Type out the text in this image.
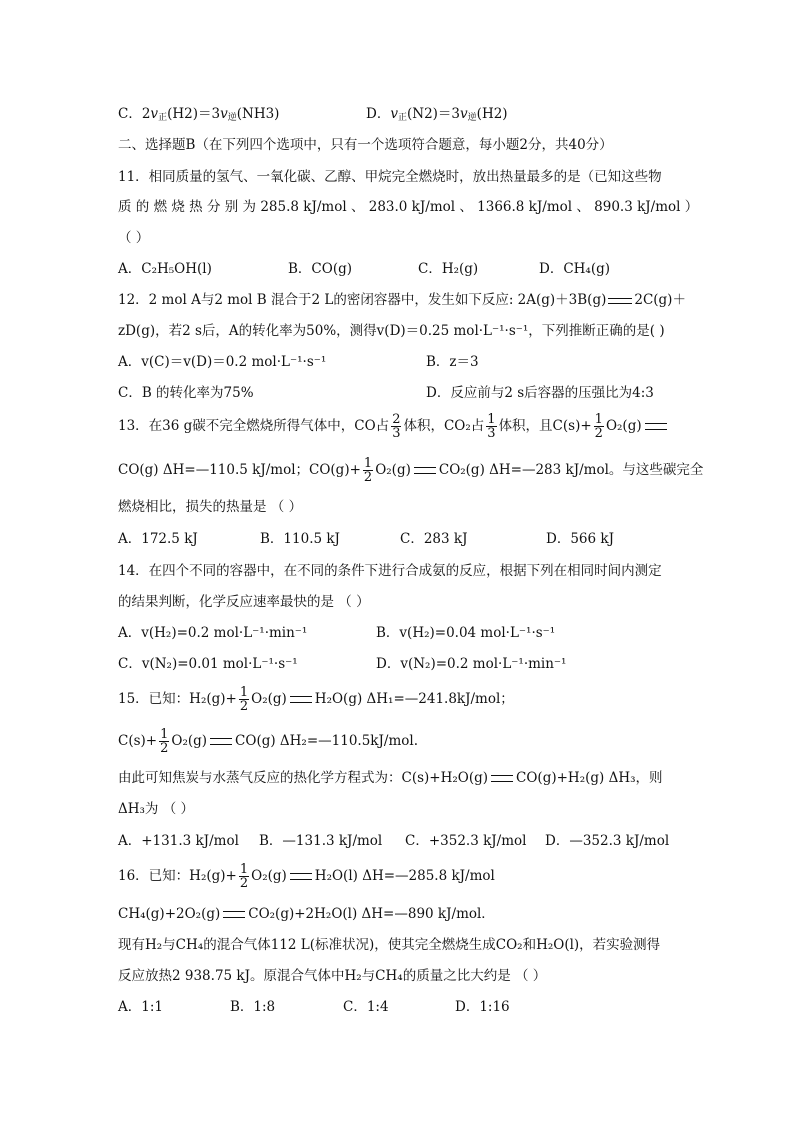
C．$2v_正(H2)=3v_逆(NH3)$	D．$v_正(N2)=3v_逆(H2)$
二、选择题B（在下列四个选项中，只有一个选项符合题意，每小题2分，共40分）
11．相同质量的氢气、一氧化碳、乙醇、甲烷完全燃烧时，放出热量最多的是（已知这些物
质 的 燃 烧 热 分 别 为 285.8 kJ/mol 、 283.0 kJ/mol 、 1366.8 kJ/mol 、 890.3 kJ/mol ）
（ ）
A．C₂H₅OH(l)	B．CO(g)	C．H₂(g)	D．CH₄(g)
12．2 mol A与2 mol B 混合于2 L的密闭容器中，发生如下反应: 2A(g)＋3B(g) 2C(g)＋
zD(g)，若2 s后，A的转化率为50%，测得v(D)＝0.25 mol·L⁻¹·s⁻¹，下列推断正确的是( )
A．v(C)＝v(D)＝0.2 mol·L⁻¹·s⁻¹	B．z＝3
C．B 的转化率为75%	D．反应前与2 s后容器的压强比为4:3
13．在36 g碳不完全燃烧所得气体中，CO占 $\frac{2}{3}$ 体积，CO₂占 $\frac{1}{3}$ 体积，且$C(s)+ \frac{1}{2} O_2(g)$
CO(g) ΔH=—110.5 kJ/mol；$CO(g)+ \frac{1}{2} O_2(g)$ CO₂(g) ΔH=—283 kJ/mol。与这些碳完全
燃烧相比，损失的热量是 （ ）
A．172.5 kJ	B．110.5 kJ	C．283 kJ	D．566 kJ
14．在四个不同的容器中，在不同的条件下进行合成氨的反应，根据下列在相同时间内测定
的结果判断，化学反应速率最快的是 （ ）
A．v(H₂)=0.2 mol·L⁻¹·min⁻¹	B．v(H₂)=0.04 mol·L⁻¹·s⁻¹
C．v(N₂)=0.01 mol·L⁻¹·s⁻¹	D．v(N₂)=0.2 mol·L⁻¹·min⁻¹
15．已知：$H_2(g)+ \frac{1}{2} O_2(g)$ H₂O(g) ΔH₁=—241.8kJ/mol；
$C(s)+ \frac{1}{2} O_2(g)$ CO(g) ΔH₂=—110.5kJ/mol.
由此可知焦炭与水蒸气反应的热化学方程式为：C(s)+H₂O(g) CO(g)+H₂(g) ΔH₃，则
ΔH₃为 （ ）
A．+131.3 kJ/mol B．—131.3 kJ/mol C．+352.3 kJ/mol D．—352.3 kJ/mol
16．已知：$H_2(g)+ \frac{1}{2} O_2(g)$ H₂O(l) ΔH=—285.8 kJ/mol
CH₄(g)+2O₂(g) CO₂(g)+2H₂O(l) ΔH=—890 kJ/mol．
现有H₂与CH₄的混合气体112 L(标准状况)，使其完全燃烧生成CO₂和H₂O(l)，若实验测得
反应放热2 938.75 kJ。原混合气体中H₂与CH₄的质量之比大约是 （ ）
A．1:1	B．1:8	C．1:4	D．1:16
